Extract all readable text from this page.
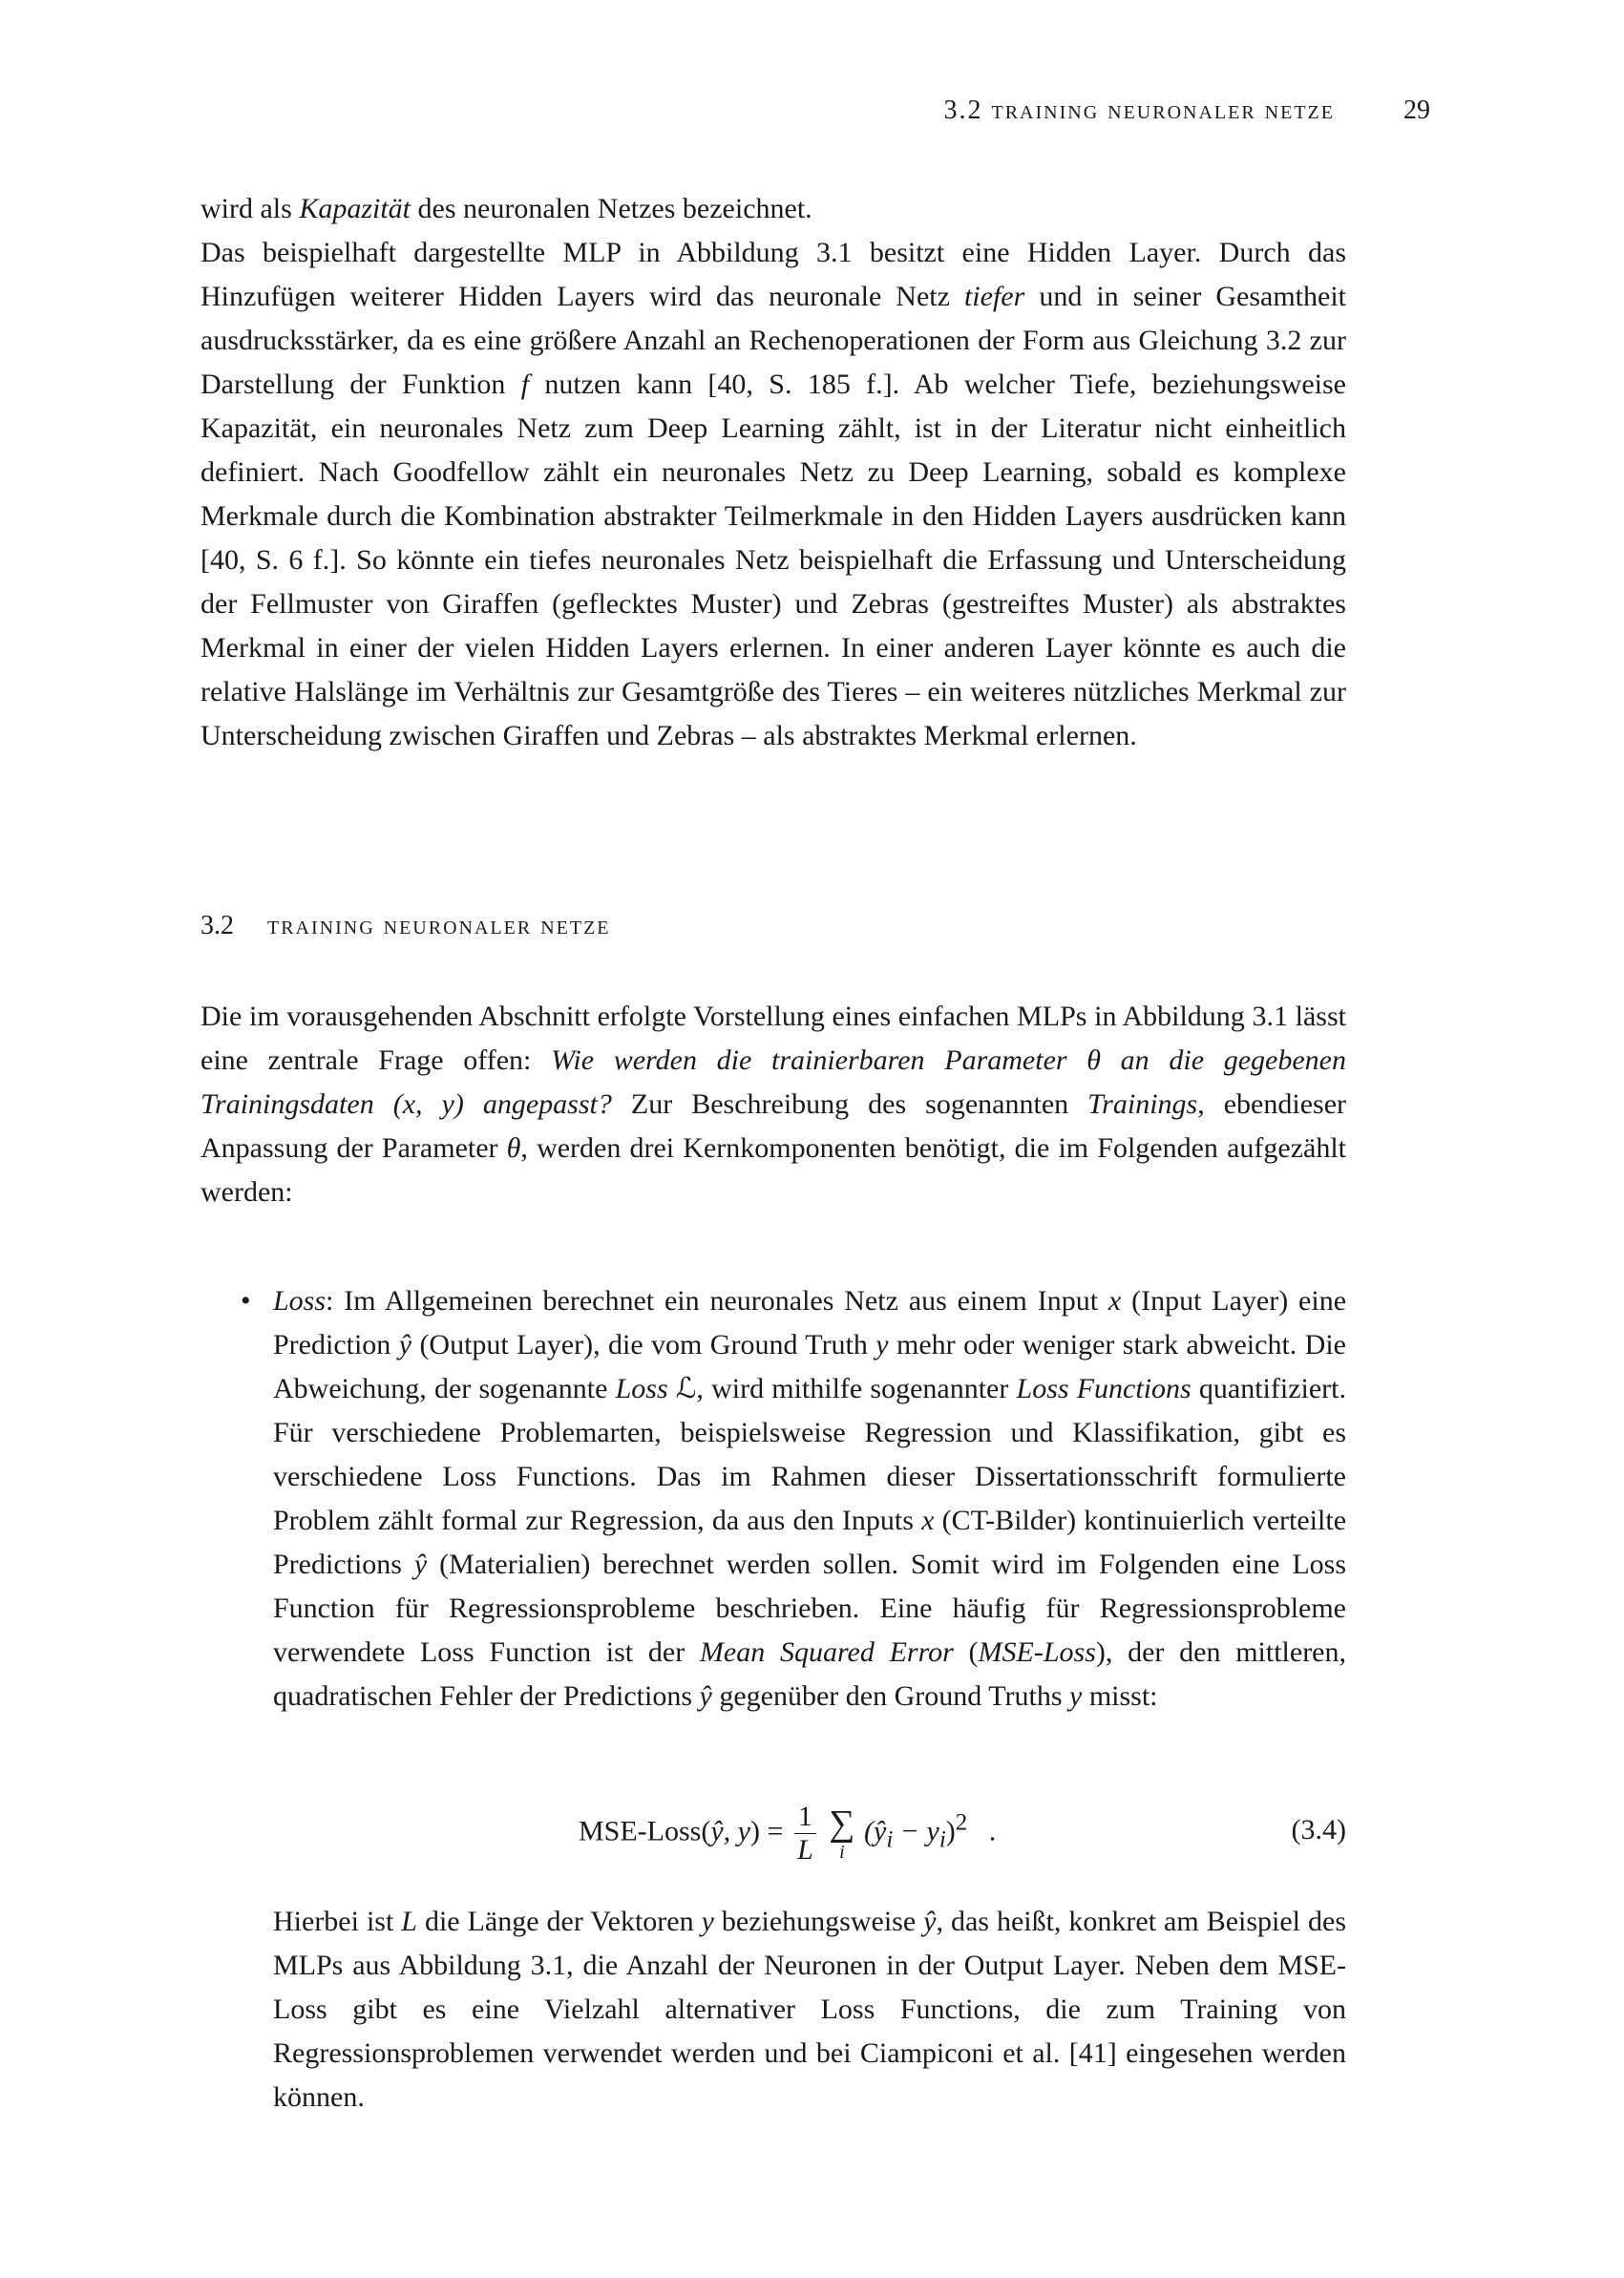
3.2 training neuronaler netze	29

wird als Kapazität des neuronalen Netzes bezeichnet.

Das beispielhaft dargestellte MLP in Abbildung 3.1 besitzt eine Hidden Layer. Durch das Hinzufügen weiterer Hidden Layers wird das neuronale Netz tiefer und in seiner Gesamtheit ausdrucksstärker, da es eine größere Anzahl an Rechenoperationen der Form aus Gleichung 3.2 zur Darstellung der Funktion f nutzen kann [40, S. 185 f.]. Ab welcher Tiefe, beziehungsweise Kapazität, ein neuronales Netz zum Deep Learning zählt, ist in der Literatur nicht einheitlich definiert. Nach Goodfellow zählt ein neuronales Netz zu Deep Learning, sobald es komplexe Merkmale durch die Kombination abstrakter Teilmerkmale in den Hidden Layers ausdrücken kann [40, S. 6 f.]. So könnte ein tiefes neuronales Netz beispielhaft die Erfassung und Unterscheidung der Fellmuster von Giraffen (geflecktes Muster) und Zebras (gestreiftes Muster) als abstraktes Merkmal in einer der vielen Hidden Layers erlernen. In einer anderen Layer könnte es auch die relative Halslänge im Verhältnis zur Gesamtgröße des Tieres – ein weiteres nützliches Merkmal zur Unterscheidung zwischen Giraffen und Zebras – als abstraktes Merkmal erlernen.

3.2 training neuronaler netze

Die im vorausgehenden Abschnitt erfolgte Vorstellung eines einfachen MLPs in Abbildung 3.1 lässt eine zentrale Frage offen: Wie werden die trainierbaren Parameter θ an die gegebenen Trainingsdaten (x, y) angepasst? Zur Beschreibung des sogenannten Trainings, ebendieser Anpassung der Parameter θ, werden drei Kernkomponenten benötigt, die im Folgenden aufgezählt werden:

• Loss: Im Allgemeinen berechnet ein neuronales Netz aus einem Input x (Input Layer) eine Prediction ŷ (Output Layer), die vom Ground Truth y mehr oder weniger stark abweicht. Die Abweichung, der sogenannte Loss ℒ, wird mithilfe sogenannter Loss Functions quantifiziert. Für verschiedene Problemarten, beispielsweise Regression und Klassifikation, gibt es verschiedene Loss Functions. Das im Rahmen dieser Dissertationsschrift formulierte Problem zählt formal zur Regression, da aus den Inputs x (CT-Bilder) kontinuierlich verteilte Predictions ŷ (Materialien) berechnet werden sollen. Somit wird im Folgenden eine Loss Function für Regressionsprobleme beschrieben. Eine häufig für Regressionsprobleme verwendete Loss Function ist der Mean Squared Error (MSE-Loss), der den mittleren, quadratischen Fehler der Predictions ŷ gegenüber den Ground Truths y misst:

MSE-Loss(ŷ, $y) = \frac{1}{L}$
∑
i
$(ŷ_i - y_i)^2$   .	(3.4)

Hierbei ist L die Länge der Vektoren y beziehungsweise ŷ, das heißt, konkret am Beispiel des MLPs aus Abbildung 3.1, die Anzahl der Neuronen in der Output Layer. Neben dem MSE-Loss gibt es eine Vielzahl alternativer Loss Functions, die zum Training von Regressionsproblemen verwendet werden und bei Ciampiconi et al. [41] eingesehen werden können.
